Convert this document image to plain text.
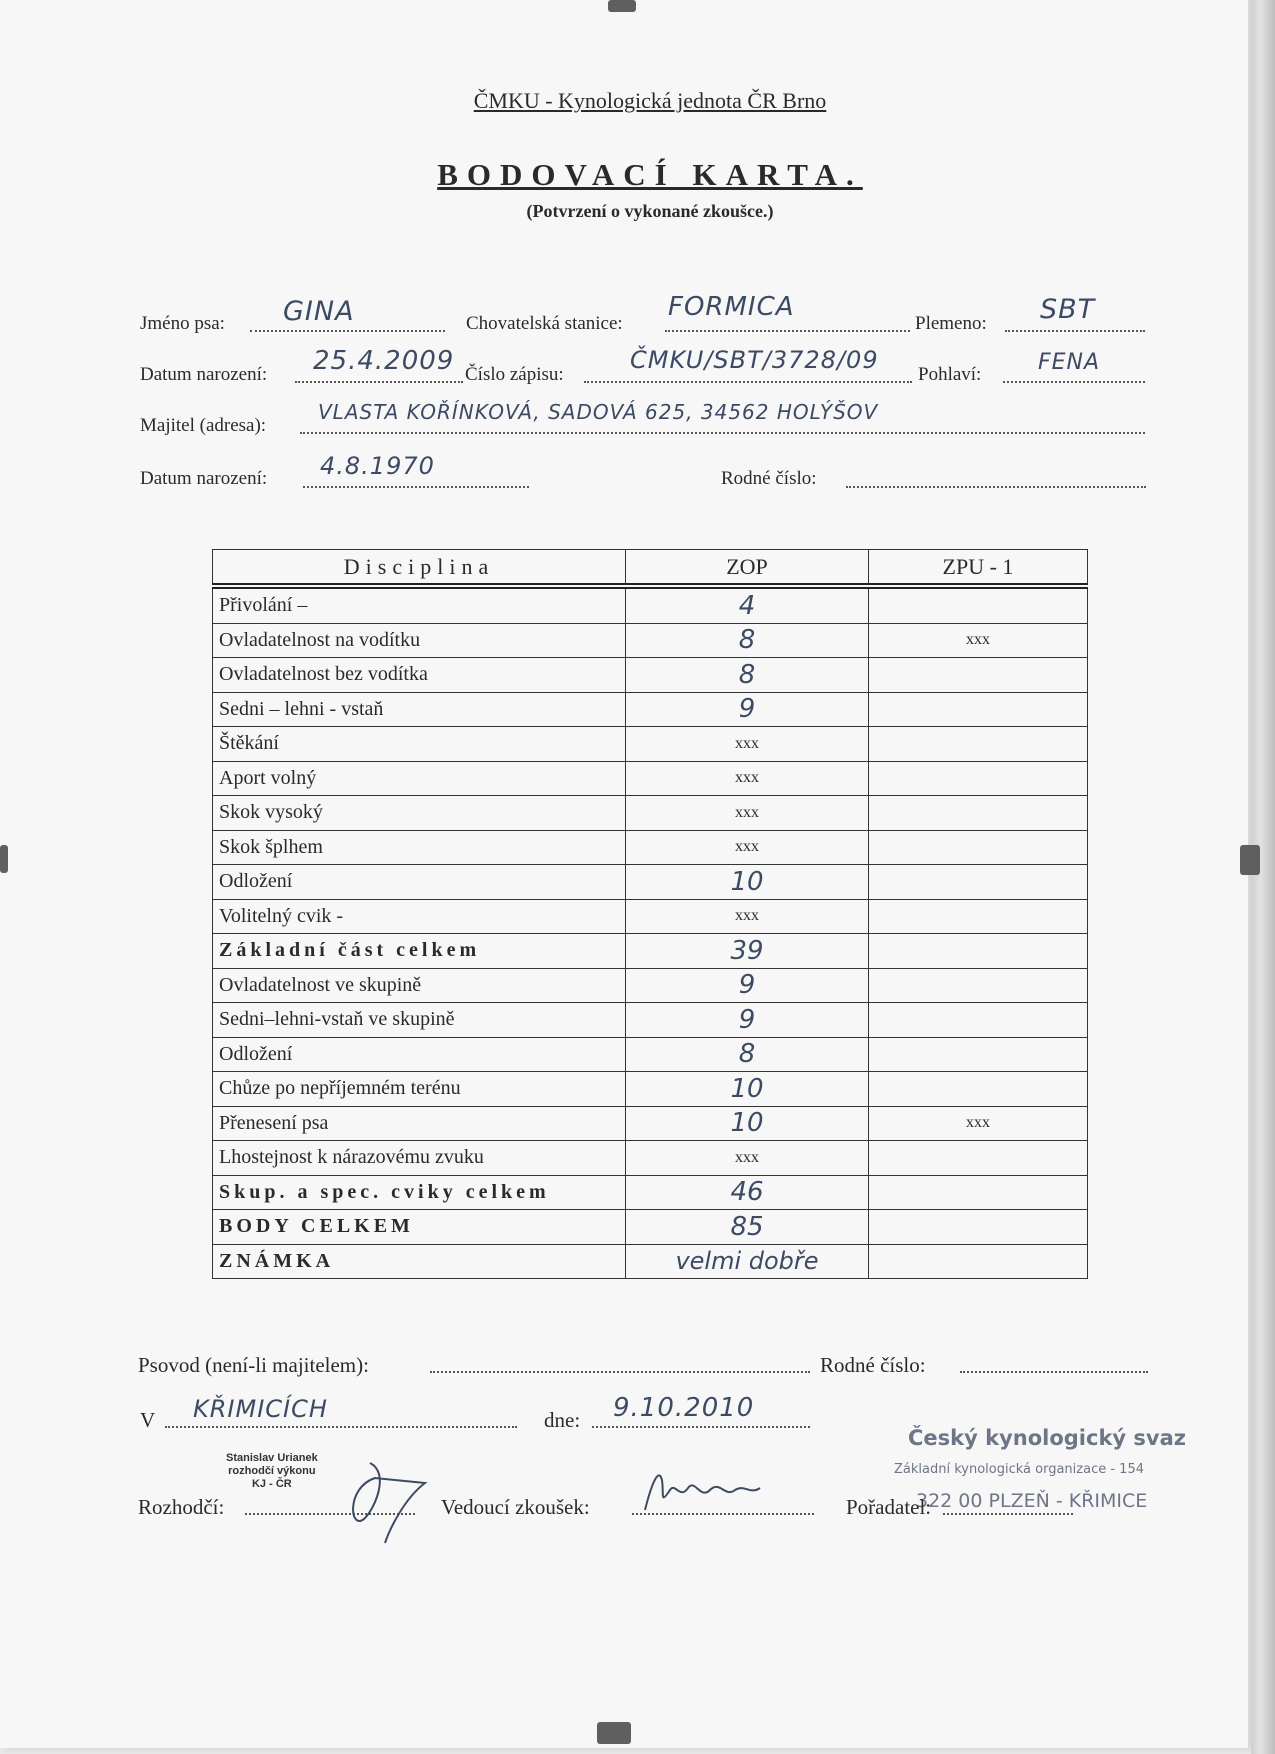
ČMKU - Kynologická jednota ČR Brno
BODOVACÍ KARTA.
(Potvrzení o vykonané zkoušce.)
Jméno psa: GINA	Chovatelská stanice:
FORMICA
Plemeno: SBT
Datum narození: 25.4.2009 Číslo zápisu:
ČMKU/SBT/3728/09
Pohlaví:	FENA
Majitel (adresa):
VLASTA KOŘÍNKOVÁ, SADOVÁ 625, 34562 HOLÝŠOV
Datum narození: 4.8.1970	Rodné číslo:
Disciplina	ZOP	ZPU - 1
Přivolání –	4	
Ovladatelnost na vodítku	8	xxx
Ovladatelnost bez vodítka	8	
Sedni – lehni - vstaň	9	
Štěkání	xxx	
Aport volný	xxx	
Skok vysoký	xxx	
Skok šplhem	xxx	
Odložení	10	
Volitelný cvik -	xxx	
Základní část celkem	39	
Ovladatelnost ve skupině	9	
Sedni–lehni-vstaň ve skupině	9	
Odložení	8	
Chůze po nepříjemném terénu	10	
Přenesení psa	10	xxx
Lhostejnost k nárazovému zvuku	xxx	
Skup. a spec. cviky celkem	46	
BODY CELKEM	85	
ZNÁMKA	velmi dobře	
Psovod (není-li majitelem):	Rodné číslo:
V KŘIMICÍCH	dne: 9.10.2010
Český kynologický svaz
Základní kynologická organizace - 154
322 00 PLZEŇ - KŘIMICE
Stanislav Urianek
rozhodčí výkonu
KJ - ČR
Rozhodčí:	Vedoucí zkoušek:	Pořadatel:
